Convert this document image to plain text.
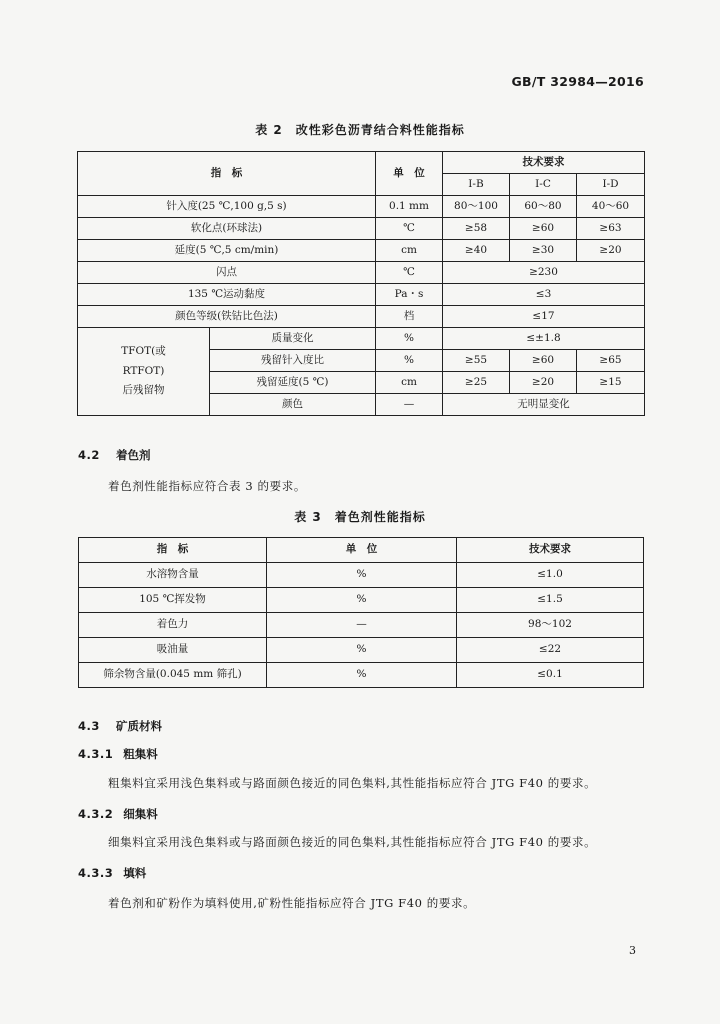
GB/T 32984—2016
表 2　改性彩色沥青结合料性能指标
指　标		单　位	技术要求		
			I-B	I-C	I-D
针入度(25 ℃,100 g,5 s)		0.1 mm	80～100	60～80	40～60
软化点(环球法)		℃	≥58	≥60	≥63
延度(5 ℃,5 cm/min)		cm	≥40	≥30	≥20
闪点		℃	≥230		
135 ℃运动黏度		Pa・s	≤3		
颜色等级(铁钴比色法)		档	≤17		

TFOT(或
RTFOT)
后残留物	质量变化	%	≤±1.8		
	残留针入度比	%	≥55	≥60	≥65
	残留延度(5 ℃)	cm	≥25	≥20	≥15
	颜色	—	无明显变化		
4.2 着色剂
着色剂性能指标应符合表 3 的要求。
表 3　着色剂性能指标
指　标	单　位	技术要求
水溶物含量	%	≤1.0
105 ℃挥发物	%	≤1.5
着色力	—	98～102
吸油量	%	≤22
筛余物含量(0.045 mm 筛孔)	%	≤0.1
4.3 矿质材料
4.3.1 粗集料
粗集料宜采用浅色集料或与路面颜色接近的同色集料,其性能指标应符合 JTG F40 的要求。
4.3.2 细集料
细集料宜采用浅色集料或与路面颜色接近的同色集料,其性能指标应符合 JTG F40 的要求。
4.3.3 填料
着色剂和矿粉作为填料使用,矿粉性能指标应符合 JTG F40 的要求。
3
